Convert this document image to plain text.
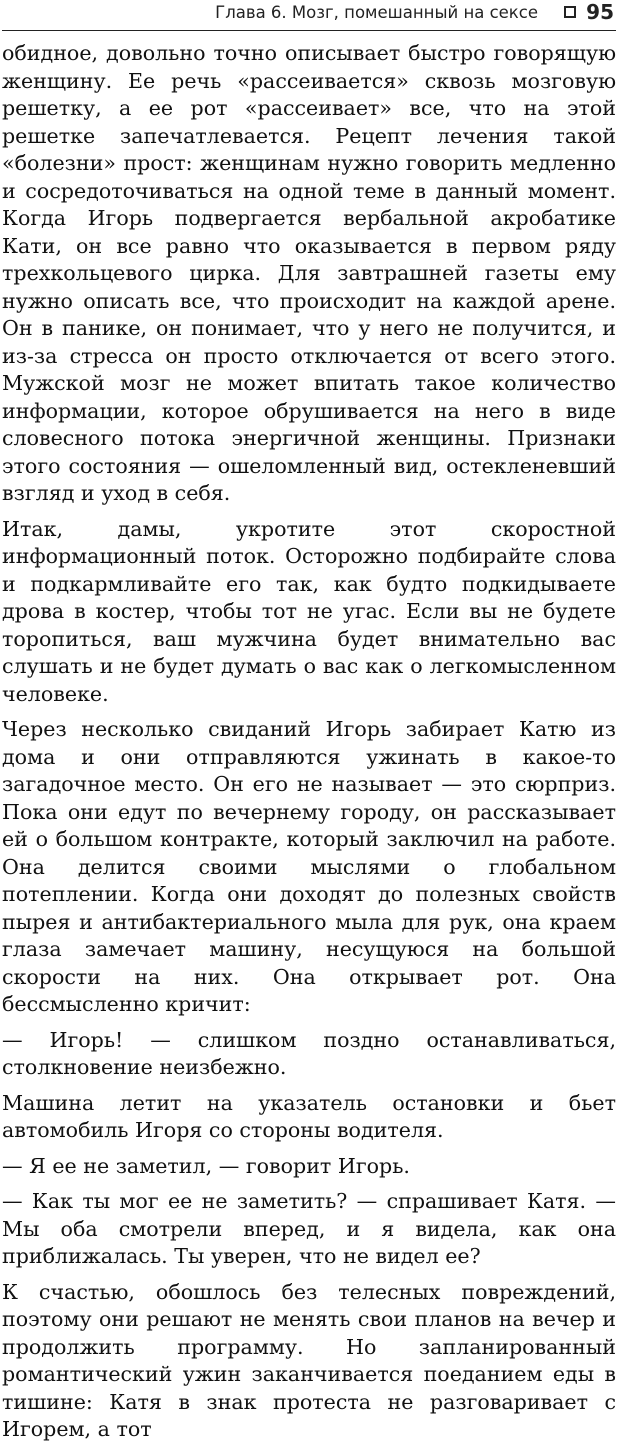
Глава 6. Мозг, помешанный на сексе 95

обидное, довольно точно описывает быстро говорящую женщину. Ее речь «рассеивается» сквозь мозговую решетку, а ее рот «рассеивает» все, что на этой решетке запечатлевается. Рецепт лечения такой «болезни» прост: женщинам нужно говорить медленно и сосредоточиваться на одной теме в данный момент. Когда Игорь подвергается вербальной акробатике Кати, он все равно что оказывается в первом ряду трехкольцевого цирка. Для завтрашней газеты ему нужно описать все, что происходит на каждой арене. Он в панике, он понимает, что у него не получится, и из-за стресса он просто отключается от всего этого. Мужской мозг не может впитать такое количество информации, которое обрушивается на него в виде словесного потока энергичной женщины. Признаки этого состояния — ошеломленный вид, остекленевший взгляд и уход в себя.

Итак, дамы, укротите этот скоростной информационный поток. Осторожно подбирайте слова и подкармливайте его так, как будто подкидываете дрова в костер, чтобы тот не угас. Если вы не будете торопиться, ваш мужчина будет внимательно вас слушать и не будет думать о вас как о легкомысленном человеке.

Через несколько свиданий Игорь забирает Катю из дома и они отправляются ужинать в какое-то загадочное место. Он его не называет — это сюрприз. Пока они едут по вечернему городу, он рассказывает ей о большом контракте, который заключил на работе. Она делится своими мыслями о глобальном потеплении. Когда они доходят до полезных свойств пырея и антибактериального мыла для рук, она краем глаза замечает машину, несущуюся на большой скорости на них. Она открывает рот. Она бессмысленно кричит:

— Игорь! — слишком поздно останавливаться, столкновение неизбежно.

Машина летит на указатель остановки и бьет автомобиль Игоря со стороны водителя.

— Я ее не заметил, — говорит Игорь.

— Как ты мог ее не заметить? — спрашивает Катя. — Мы оба смотрели вперед, и я видела, как она приближалась. Ты уверен, что не видел ее?

К счастью, обошлось без телесных повреждений, поэтому они решают не менять свои планов на вечер и продолжить программу. Но запланированный романтический ужин заканчивается поеданием еды в тишине: Катя в знак протеста не разговаривает с Игорем, а тот
